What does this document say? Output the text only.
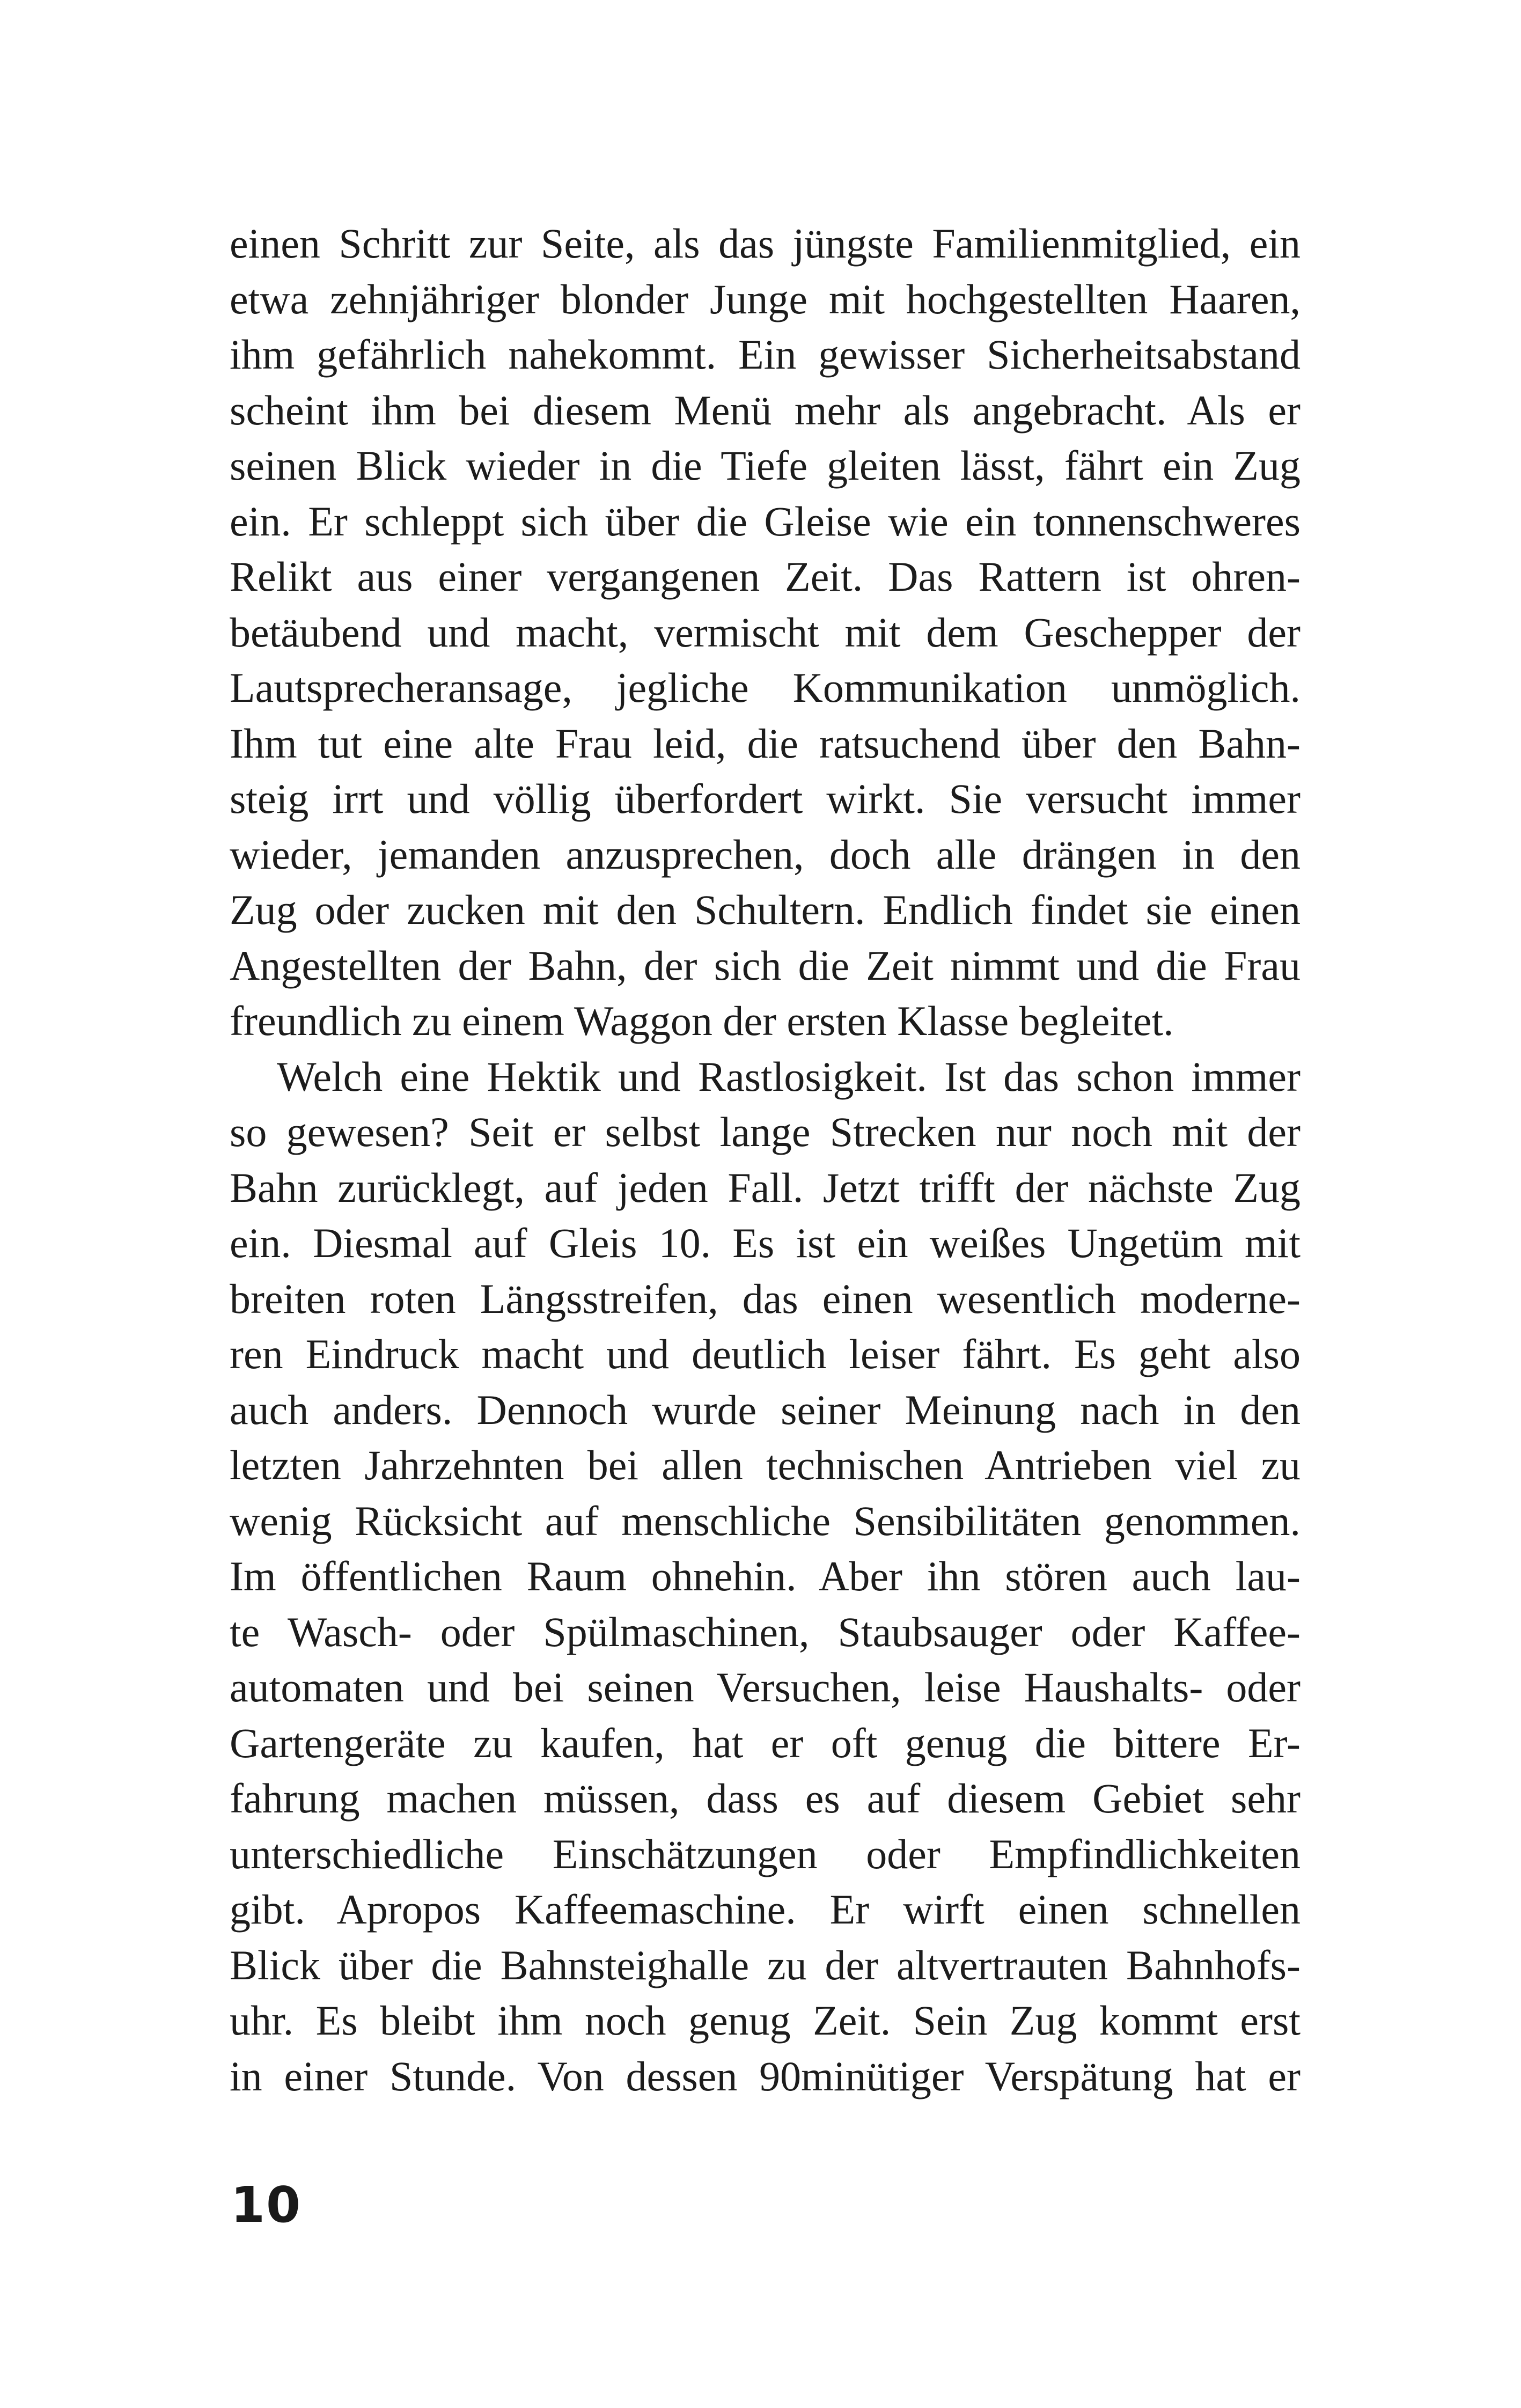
einen Schritt zur Seite, als das jüngste Familienmitglied, ein
etwa zehnjähriger blonder Junge mit hochgestellten Haaren,
ihm gefährlich nahekommt. Ein gewisser Sicherheitsabstand
scheint ihm bei diesem Menü mehr als angebracht. Als er
seinen Blick wieder in die Tiefe gleiten lässt, fährt ein Zug
ein. Er schleppt sich über die Gleise wie ein tonnenschweres
Relikt aus einer vergangenen Zeit. Das Rattern ist ohren-
betäubend und macht, vermischt mit dem Geschepper der
Lautsprecheransage, jegliche Kommunikation unmöglich.
Ihm tut eine alte Frau leid, die ratsuchend über den Bahn-
steig irrt und völlig überfordert wirkt. Sie versucht immer
wieder, jemanden anzusprechen, doch alle drängen in den
Zug oder zucken mit den Schultern. Endlich findet sie einen
Angestellten der Bahn, der sich die Zeit nimmt und die Frau
freundlich zu einem Waggon der ersten Klasse begleitet.
Welch eine Hektik und Rastlosigkeit. Ist das schon immer
so gewesen? Seit er selbst lange Strecken nur noch mit der
Bahn zurücklegt, auf jeden Fall. Jetzt trifft der nächste Zug
ein. Diesmal auf Gleis 10. Es ist ein weißes Ungetüm mit
breiten roten Längsstreifen, das einen wesentlich moderne-
ren Eindruck macht und deutlich leiser fährt. Es geht also
auch anders. Dennoch wurde seiner Meinung nach in den
letzten Jahrzehnten bei allen technischen Antrieben viel zu
wenig Rücksicht auf menschliche Sensibilitäten genommen.
Im öffentlichen Raum ohnehin. Aber ihn stören auch lau-
te Wasch- oder Spülmaschinen, Staubsauger oder Kaffee-
automaten und bei seinen Versuchen, leise Haushalts- oder
Gartengeräte zu kaufen, hat er oft genug die bittere Er-
fahrung machen müssen, dass es auf diesem Gebiet sehr
unterschiedliche Einschätzungen oder Empfindlichkeiten
gibt. Apropos Kaffeemaschine. Er wirft einen schnellen
Blick über die Bahnsteighalle zu der altvertrauten Bahnhofs-
uhr. Es bleibt ihm noch genug Zeit. Sein Zug kommt erst
in einer Stunde. Von dessen 90minütiger Verspätung hat er
10
